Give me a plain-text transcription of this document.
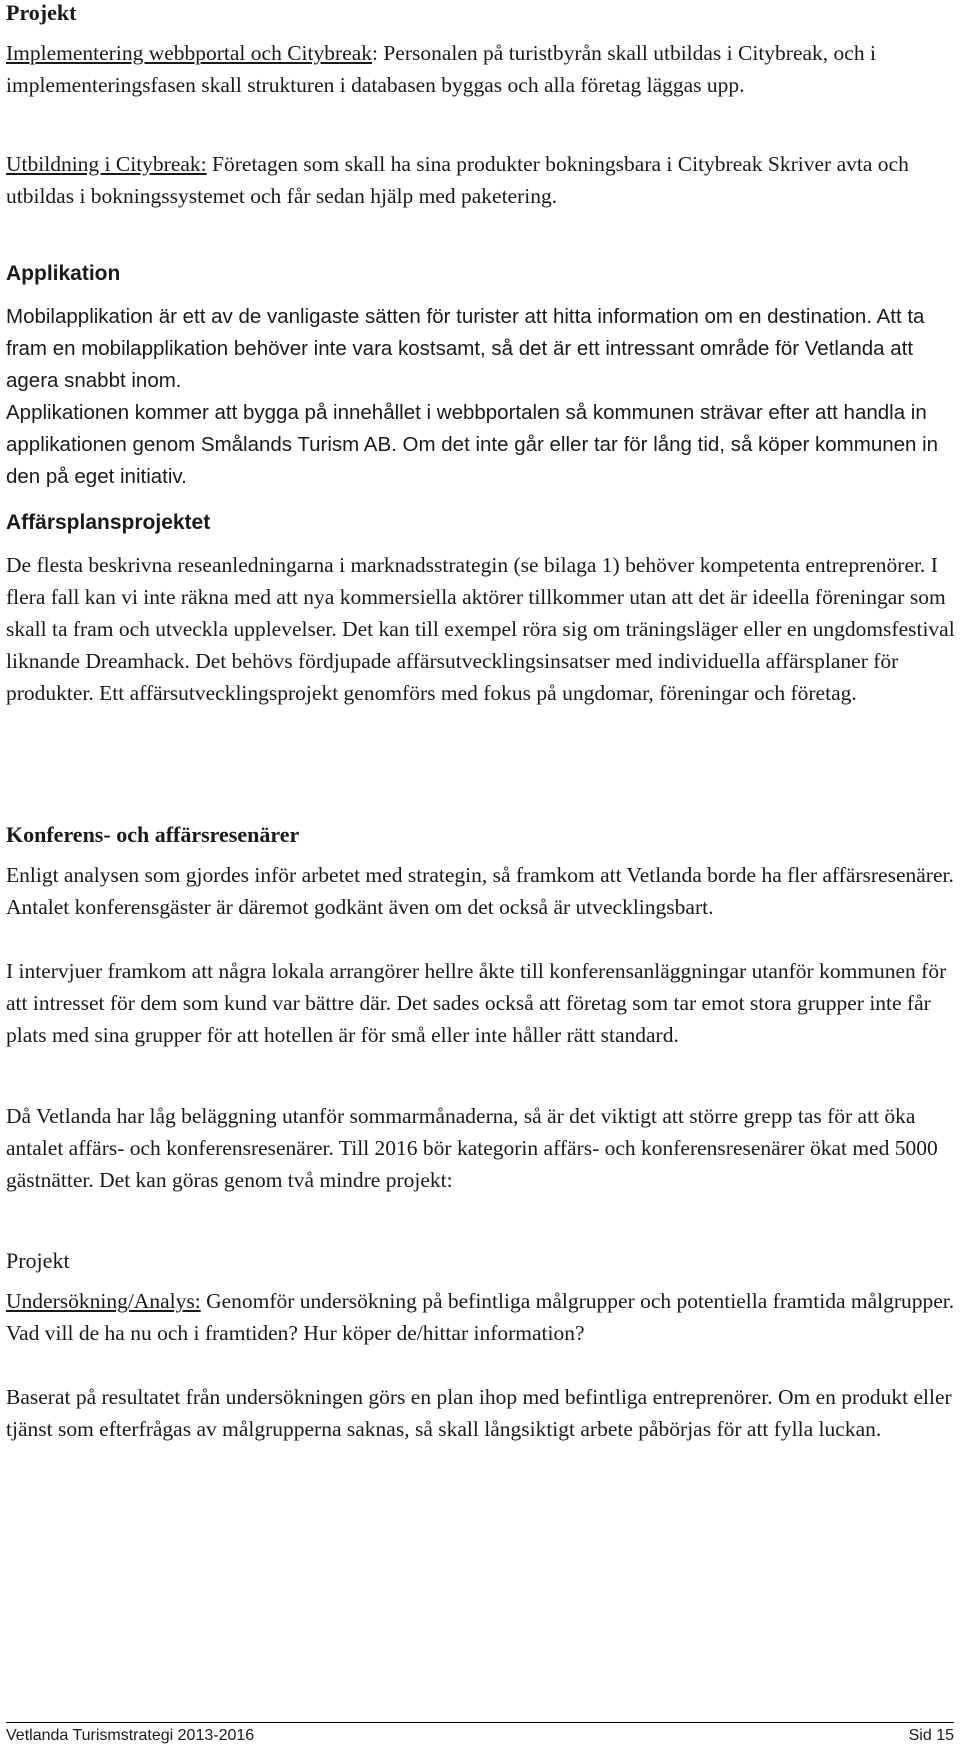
Projekt

Implementering webbportal och Citybreak: Personalen på turistbyrån skall utbildas i Citybreak, och i implementeringsfasen skall strukturen i databasen byggas och alla företag läggas upp.

Utbildning i Citybreak: Företagen som skall ha sina produkter bokningsbara i Citybreak Skriver avta och utbildas i bokningssystemet och får sedan hjälp med paketering.

Applikation

Mobilapplikation är ett av de vanligaste sätten för turister att hitta information om en destination. Att ta fram en mobilapplikation behöver inte vara kostsamt, så det är ett intressant område för Vetlanda att agera snabbt inom.

Applikationen kommer att bygga på innehållet i webbportalen så kommunen strävar efter att handla in applikationen genom Smålands Turism AB. Om det inte går eller tar för lång tid, så köper kommunen in den på eget initiativ.

Affärsplansprojektet

De flesta beskrivna reseanledningarna i marknadsstrategin (se bilaga 1) behöver kompetenta entreprenörer. I flera fall kan vi inte räkna med att nya kommersiella aktörer tillkommer utan att det är ideella föreningar som skall ta fram och utveckla upplevelser. Det kan till exempel röra sig om träningsläger eller en ungdomsfestival liknande Dreamhack. Det behövs fördjupade affärsutvecklingsinsatser med individuella affärsplaner för produkter. Ett affärsutvecklingsprojekt genomförs med fokus på ungdomar, föreningar och företag.

Konferens- och affärsresenärer

Enligt analysen som gjordes inför arbetet med strategin, så framkom att Vetlanda borde ha fler affärsresenärer. Antalet konferensgäster är däremot godkänt även om det också är utvecklingsbart.

I intervjuer framkom att några lokala arrangörer hellre åkte till konferensanläggningar utanför kommunen för att intresset för dem som kund var bättre där. Det sades också att företag som tar emot stora grupper inte får plats med sina grupper för att hotellen är för små eller inte håller rätt standard.

Då Vetlanda har låg beläggning utanför sommarmånaderna, så är det viktigt att större grepp tas för att öka antalet affärs- och konferensresenärer. Till 2016 bör kategorin affärs- och konferensresenärer ökat med 5000 gästnätter. Det kan göras genom två mindre projekt:

Projekt

Undersökning/Analys: Genomför undersökning på befintliga målgrupper och potentiella framtida målgrupper. Vad vill de ha nu och i framtiden? Hur köper de/hittar information?

Baserat på resultatet från undersökningen görs en plan ihop med befintliga entreprenörer. Om en produkt eller tjänst som efterfrågas av målgrupperna saknas, så skall långsiktigt arbete påbörjas för att fylla luckan.

Vetlanda Turismstrategi 2013-2016	Sid 15
